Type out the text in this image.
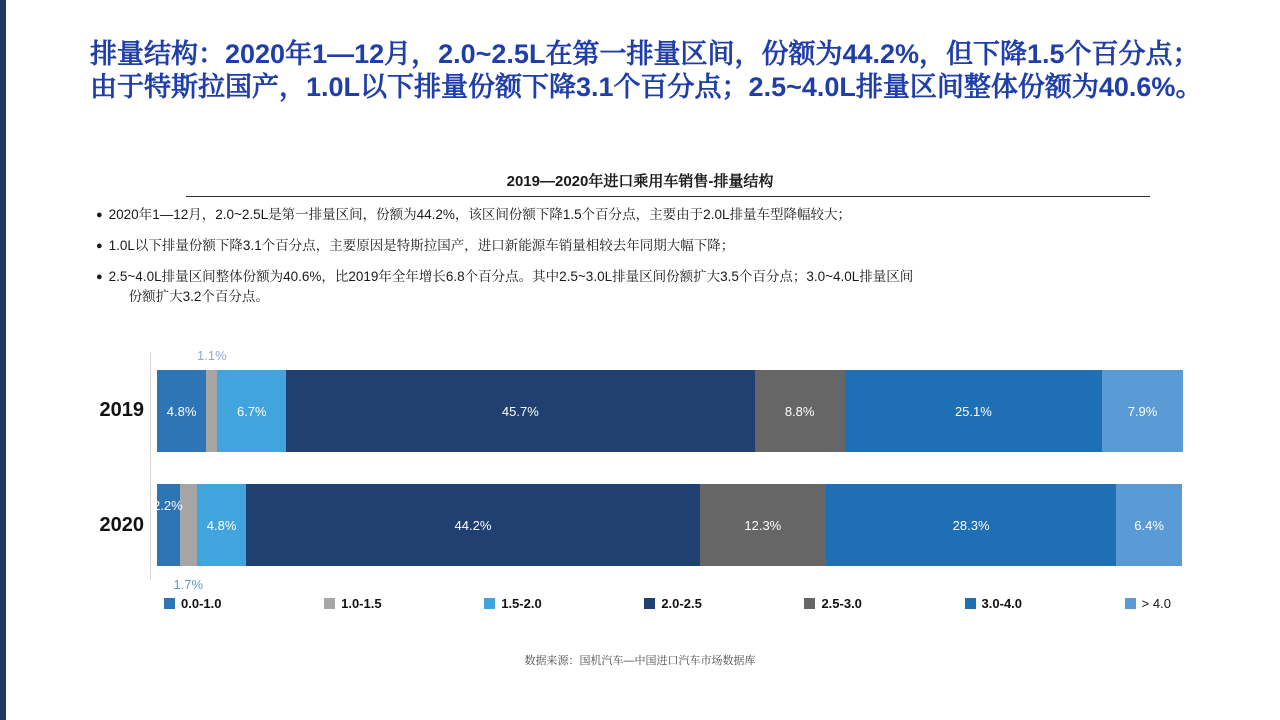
排量结构：2020年1—12月，2.0~2.5L在第一排量区间，份额为44.2%，但下降1.5个百分点；由于特斯拉国产，1.0L以下排量份额下降3.1个百分点；2.5~4.0L排量区间整体份额为40.6%。
2019—2020年进口乘用车销售-排量结构
● 2020年1—12月，2.0~2.5L是第一排量区间，份额为44.2%，该区间份额下降1.5个百分点，主要由于2.0L排量车型降幅较大；
● 1.0L以下排量份额下降3.1个百分点，主要原因是特斯拉国产，进口新能源车销量相较去年同期大幅下降；
● 2.5~4.0L排量区间整体份额为40.6%，比2019年全年增长6.8个百分点。其中2.5~3.0L排量区间份额扩大3.5个百分点；3.0~4.0L排量区间
份额扩大3.2个百分点。
2019
2020
4.8%
1.1%
6.7%	45.7%	8.8%	25.1%	7.9%
1.7%
2.2%
4.8%	44.2%	12.3%	28.3%	6.4%
0.0-1.0	1.0-1.5	1.5-2.0	2.0-2.5	2.5-3.0	3.0-4.0	> 4.0
数据来源：国机汽车—中国进口汽车市场数据库
